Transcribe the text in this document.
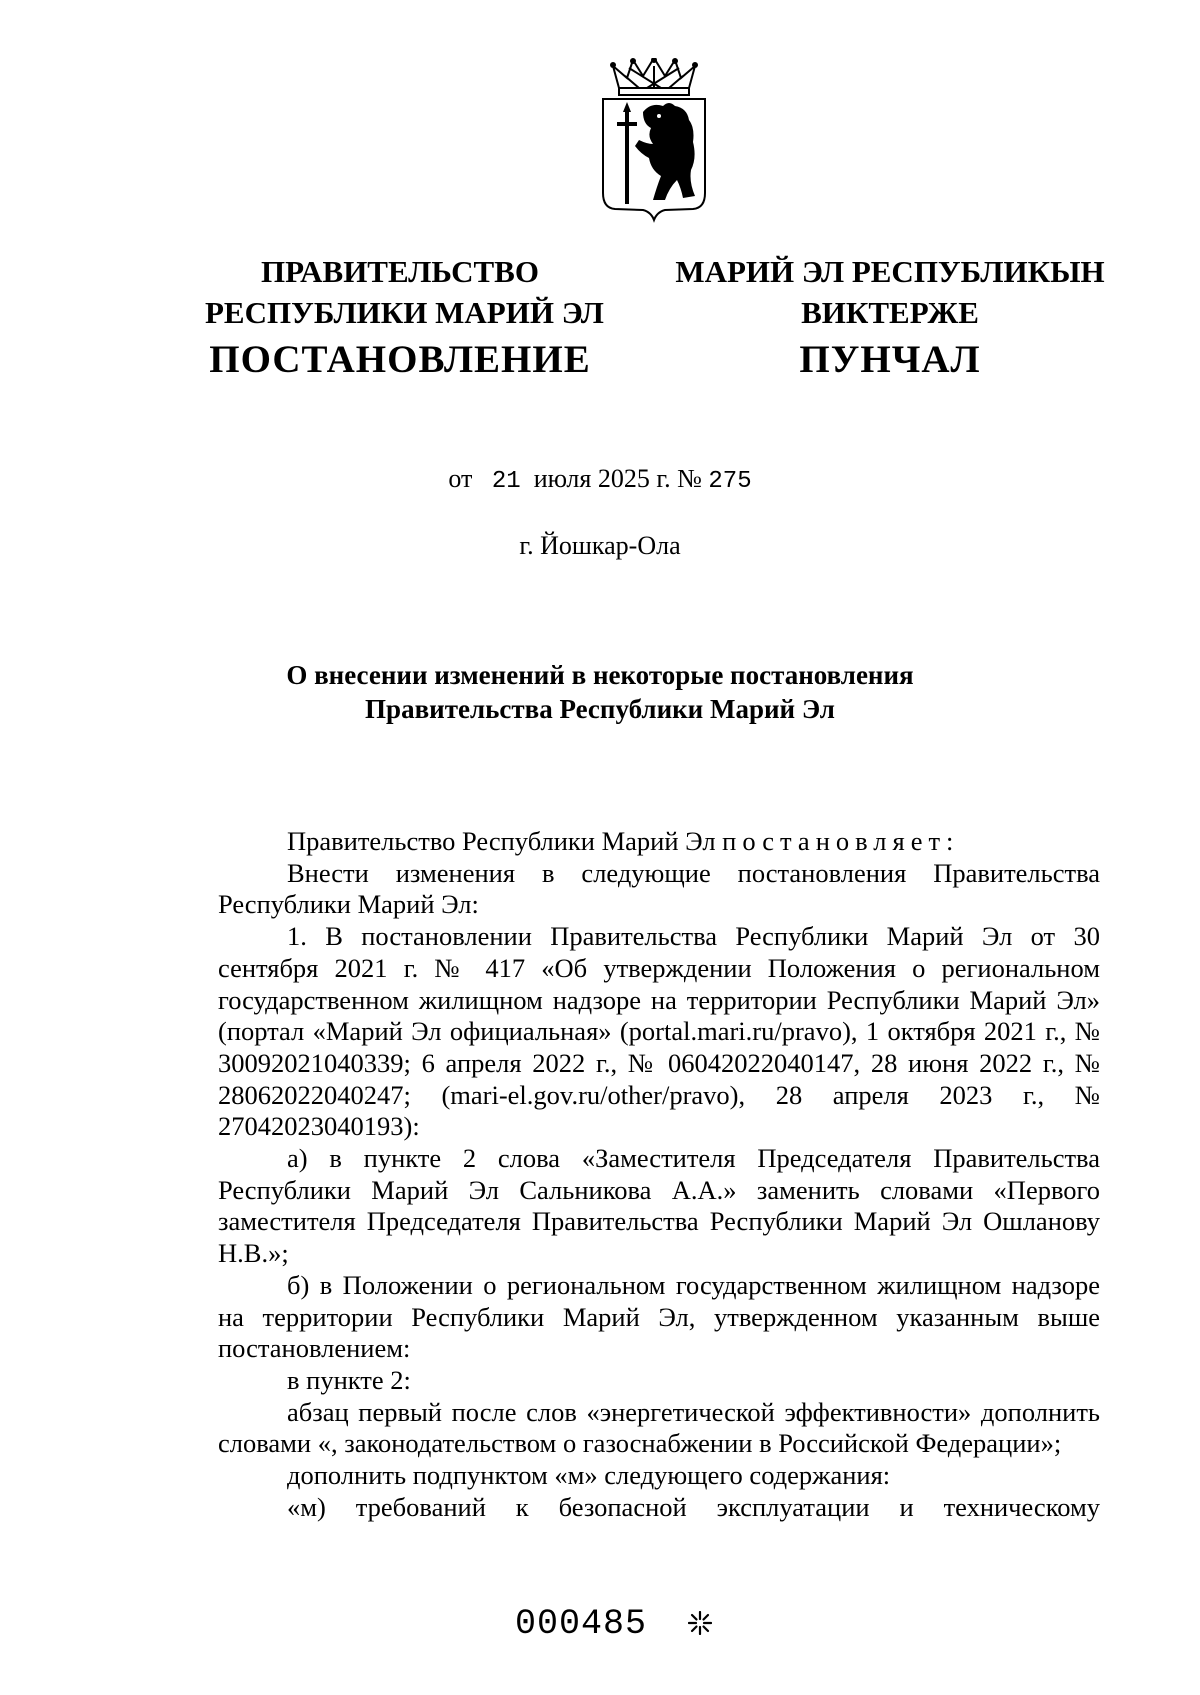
ПРАВИТЕЛЬСТВО
РЕСПУБЛИКИ МАРИЙ ЭЛ
ПОСТАНОВЛЕНИЕ
МАРИЙ ЭЛ РЕСПУБЛИКЫН
ВИКТЕРЖЕ
ПУНЧАЛ
от 21 июля 2025 г. № 275
г. Йошкар-Ола
О внесении изменений в некоторые постановления
Правительства Республики Марий Эл
Правительство Республики Марий Эл постановляет:
Внести изменения в следующие постановления Правительства Республики Марий Эл:
1. В постановлении Правительства Республики Марий Эл от 30 сентября 2021 г. № 417 «Об утверждении Положения о региональном государственном жилищном надзоре на территории Республики Марий Эл» (портал «Марий Эл официальная» (portal.mari.ru/pravo), 1 октября 2021 г., № 30092021040339; 6 апреля 2022 г., № 06042022040147, 28 июня 2022 г., № 28062022040247; (mari-el.gov.ru/other/pravo), 28 апреля 2023 г., № 27042023040193):
а) в пункте 2 слова «Заместителя Председателя Правительства Республики Марий Эл Сальникова А.А.» заменить словами «Первого заместителя Председателя Правительства Республики Марий Эл Ошланову Н.В.»;
б) в Положении о региональном государственном жилищном надзоре на территории Республики Марий Эл, утвержденном указанным выше постановлением:
в пункте 2:
абзац первый после слов «энергетической эффективности» дополнить словами «, законодательством о газоснабжении в Российской Федерации»;
дополнить подпунктом «м» следующего содержания:
«м) требований к безопасной эксплуатации и техническому
000485
